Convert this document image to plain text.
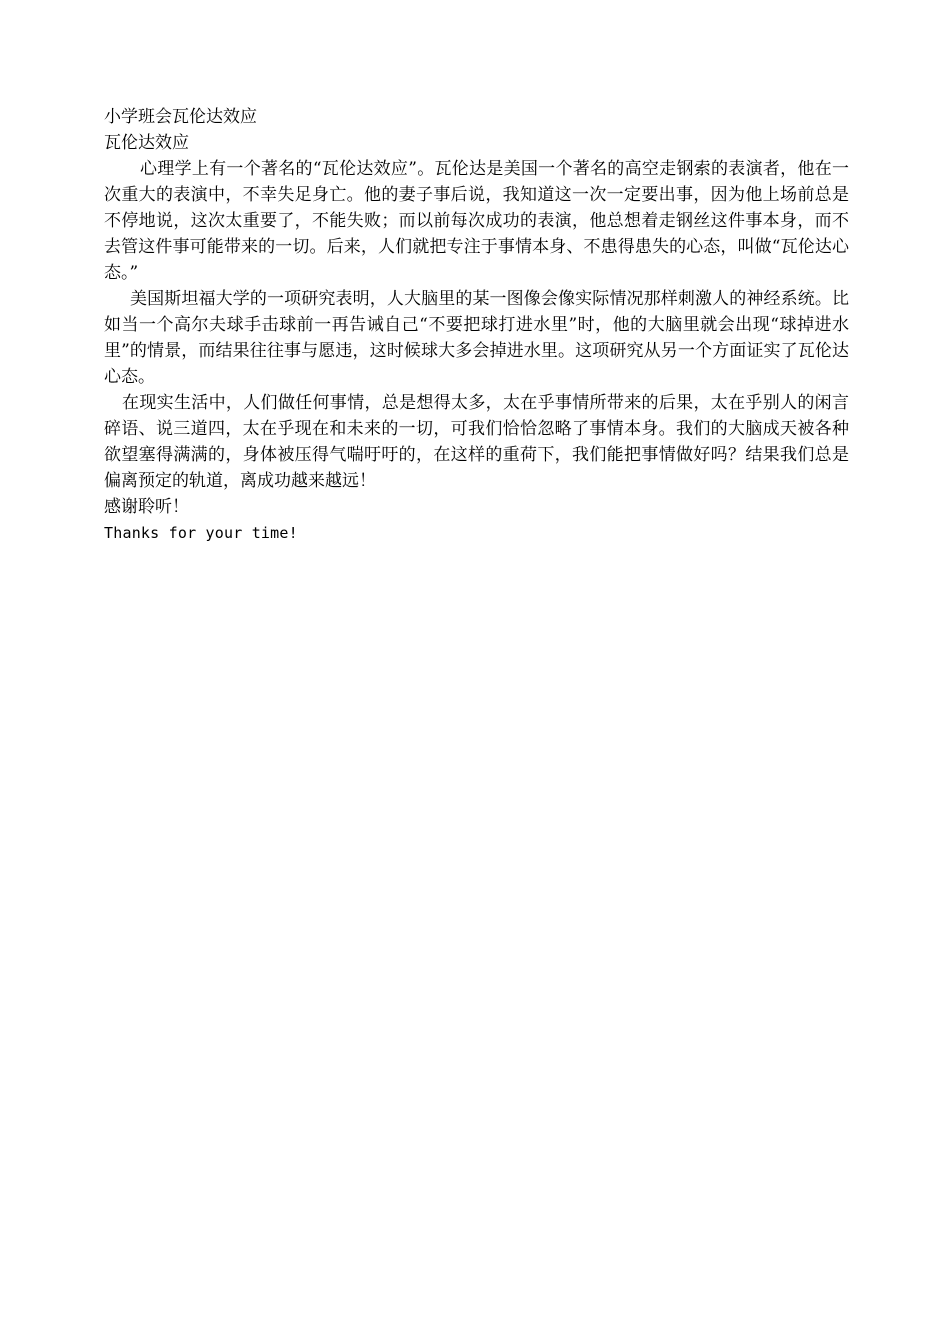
小学班会瓦伦达效应

瓦伦达效应

心理学上有一个著名的“瓦伦达效应”。瓦伦达是美国一个著名的高空走钢索的表演者，他在一次重大的表演中，不幸失足身亡。他的妻子事后说，我知道这一次一定要出事，因为他上场前总是不停地说，这次太重要了，不能失败；而以前每次成功的表演，他总想着走钢丝这件事本身，而不去管这件事可能带来的一切。后来，人们就把专注于事情本身、不患得患失的心态，叫做“瓦伦达心态。”

美国斯坦福大学的一项研究表明，人大脑里的某一图像会像实际情况那样刺激人的神经系统。比如当一个高尔夫球手击球前一再告诫自己“不要把球打进水里”时，他的大脑里就会出现“球掉进水里”的情景，而结果往往事与愿违，这时候球大多会掉进水里。这项研究从另一个方面证实了瓦伦达心态。

在现实生活中，人们做任何事情，总是想得太多，太在乎事情所带来的后果，太在乎别人的闲言碎语、说三道四，太在乎现在和未来的一切，可我们恰恰忽略了事情本身。我们的大脑成天被各种欲望塞得满满的，身体被压得气喘吁吁的，在这样的重荷下，我们能把事情做好吗？结果我们总是偏离预定的轨道，离成功越来越远！

感谢聆听！

Thanks for your time!
